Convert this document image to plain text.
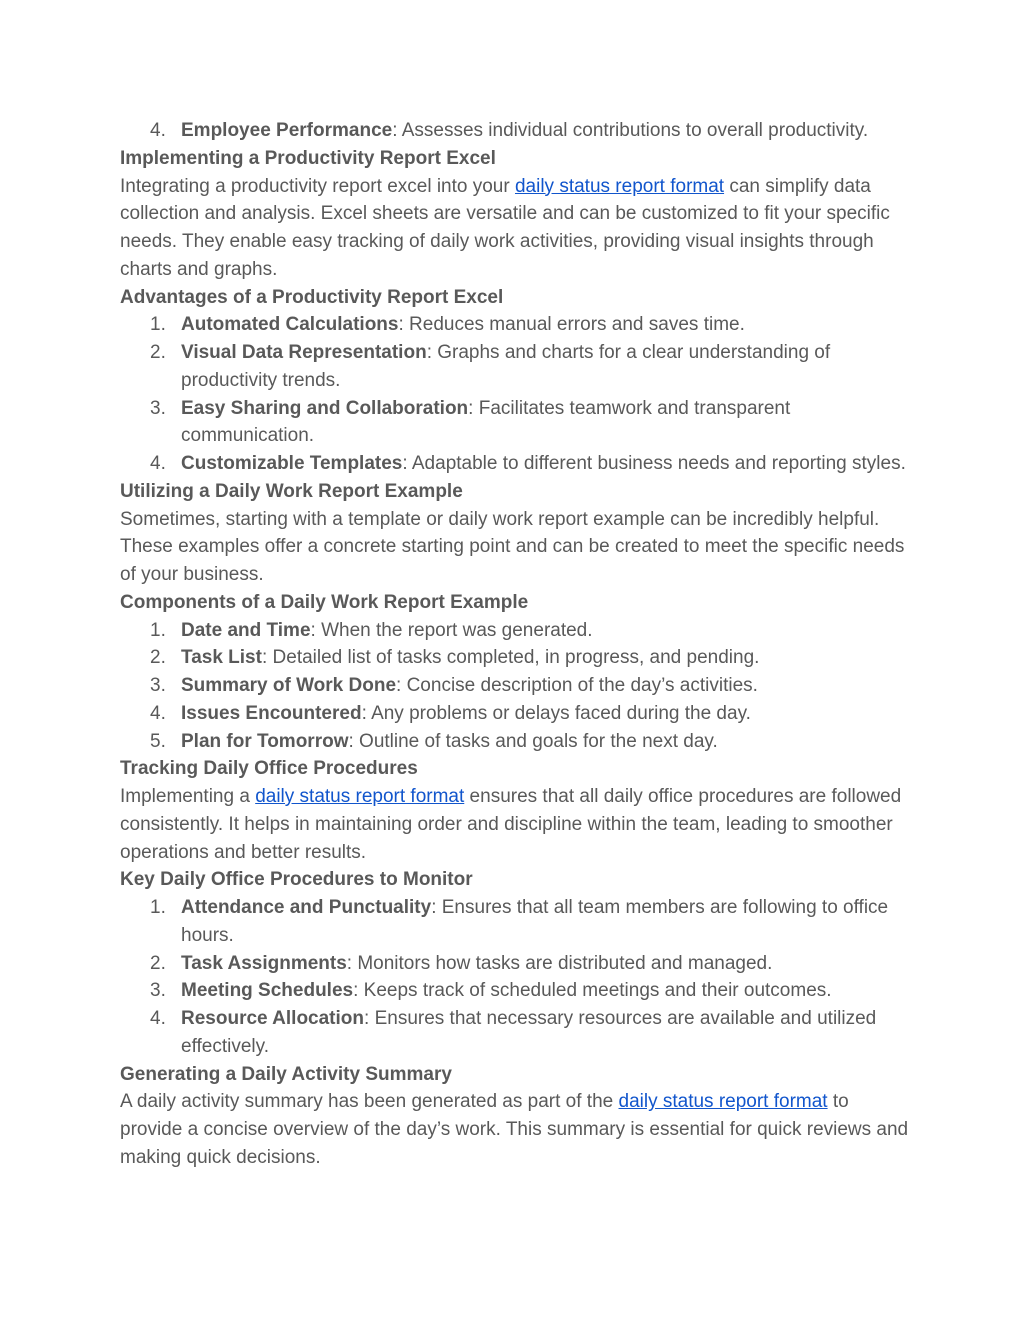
4. Employee Performance: Assesses individual contributions to overall productivity.

Implementing a Productivity Report Excel

Integrating a productivity report excel into your daily status report format can simplify data collection and analysis. Excel sheets are versatile and can be customized to fit your specific needs. They enable easy tracking of daily work activities, providing visual insights through charts and graphs.

Advantages of a Productivity Report Excel

1. Automated Calculations: Reduces manual errors and saves time.
2. Visual Data Representation: Graphs and charts for a clear understanding of productivity trends.
3. Easy Sharing and Collaboration: Facilitates teamwork and transparent communication.
4. Customizable Templates: Adaptable to different business needs and reporting styles.

Utilizing a Daily Work Report Example

Sometimes, starting with a template or daily work report example can be incredibly helpful. These examples offer a concrete starting point and can be created to meet the specific needs of your business.

Components of a Daily Work Report Example

1. Date and Time: When the report was generated.
2. Task List: Detailed list of tasks completed, in progress, and pending.
3. Summary of Work Done: Concise description of the day’s activities.
4. Issues Encountered: Any problems or delays faced during the day.
5. Plan for Tomorrow: Outline of tasks and goals for the next day.

Tracking Daily Office Procedures

Implementing a daily status report format ensures that all daily office procedures are followed consistently. It helps in maintaining order and discipline within the team, leading to smoother operations and better results.

Key Daily Office Procedures to Monitor

1. Attendance and Punctuality: Ensures that all team members are following to office hours.
2. Task Assignments: Monitors how tasks are distributed and managed.
3. Meeting Schedules: Keeps track of scheduled meetings and their outcomes.
4. Resource Allocation: Ensures that necessary resources are available and utilized effectively.

Generating a Daily Activity Summary

A daily activity summary has been generated as part of the daily status report format to provide a concise overview of the day’s work. This summary is essential for quick reviews and making quick decisions.
